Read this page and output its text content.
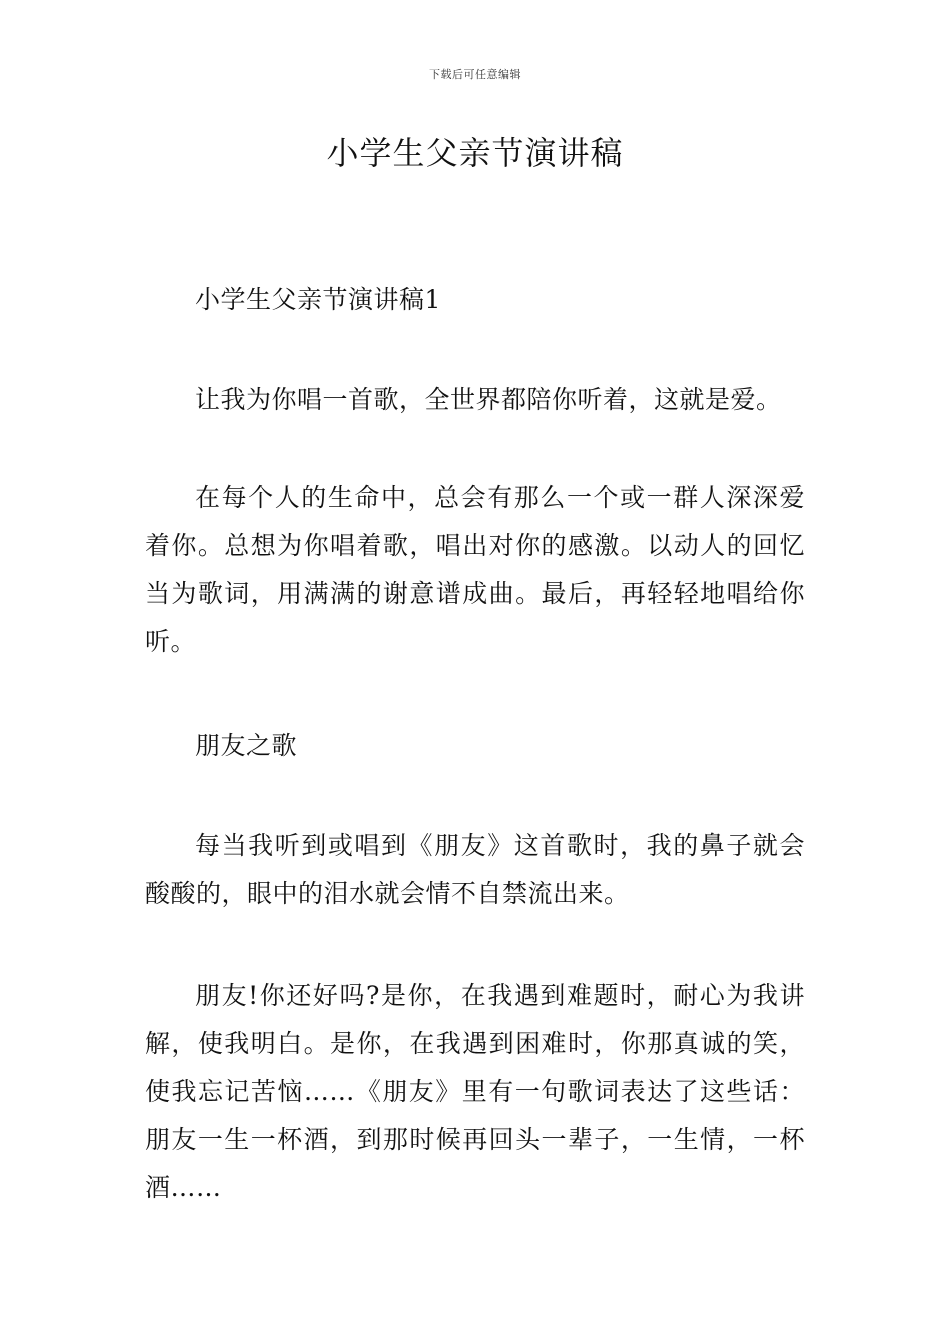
下载后可任意编辑
小学生父亲节演讲稿

小学生父亲节演讲稿1

让我为你唱一首歌，全世界都陪你听着，这就是爱。

在每个人的生命中，总会有那么一个或一群人深深爱着你。总想为你唱着歌，唱出对你的感激。以动人的回忆当为歌词，用满满的谢意谱成曲。最后，再轻轻地唱给你听。

朋友之歌

每当我听到或唱到《朋友》这首歌时，我的鼻子就会酸酸的，眼中的泪水就会情不自禁流出来。

朋友!你还好吗?是你，在我遇到难题时，耐心为我讲解，使我明白。是你，在我遇到困难时，你那真诚的笑，使我忘记苦恼……《朋友》里有一句歌词表达了这些话：朋友一生一杯酒，到那时候再回头一辈子，一生情，一杯酒……
